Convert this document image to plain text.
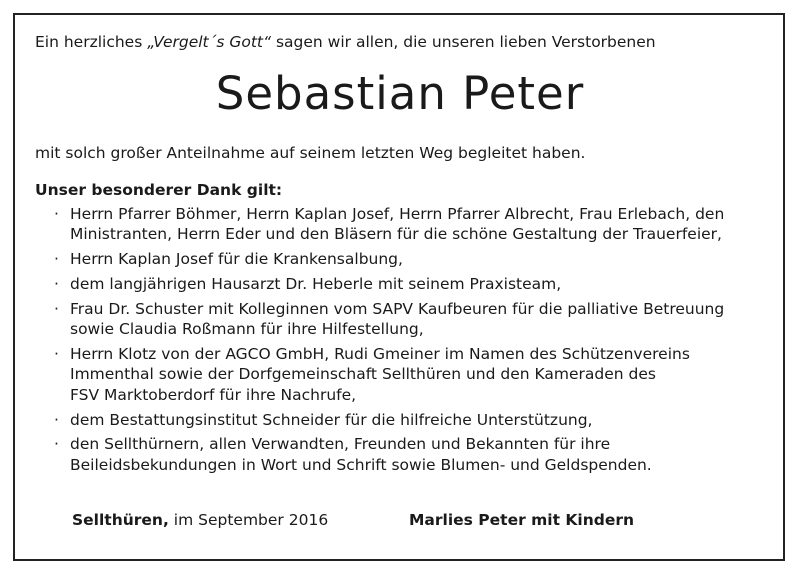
Ein herzliches „Vergelt´s Gott“ sagen wir allen, die unseren lieben Verstorbenen
Sebastian Peter
mit solch großer Anteilnahme auf seinem letzten Weg begleitet haben.
Unser besonderer Dank gilt:
· Herrn Pfarrer Böhmer, Herrn Kaplan Josef, Herrn Pfarrer Albrecht, Frau Erlebach, den
Ministranten, Herrn Eder und den Bläsern für die schöne Gestaltung der Trauerfeier,
· Herrn Kaplan Josef für die Krankensalbung,
· dem langjährigen Hausarzt Dr. Heberle mit seinem Praxisteam,
· Frau Dr. Schuster mit Kolleginnen vom SAPV Kaufbeuren für die palliative Betreuung
sowie Claudia Roßmann für ihre Hilfestellung,
· Herrn Klotz von der AGCO GmbH, Rudi Gmeiner im Namen des Schützenvereins
Immenthal sowie der Dorfgemeinschaft Sellthüren und den Kameraden des
FSV Marktoberdorf für ihre Nachrufe,
· dem Bestattungsinstitut Schneider für die hilfreiche Unterstützung,
· den Sellthürnern, allen Verwandten, Freunden und Bekannten für ihre
Beileidsbekundungen in Wort und Schrift sowie Blumen- und Geldspenden.
Sellthüren, im September 2016	Marlies Peter mit Kindern
